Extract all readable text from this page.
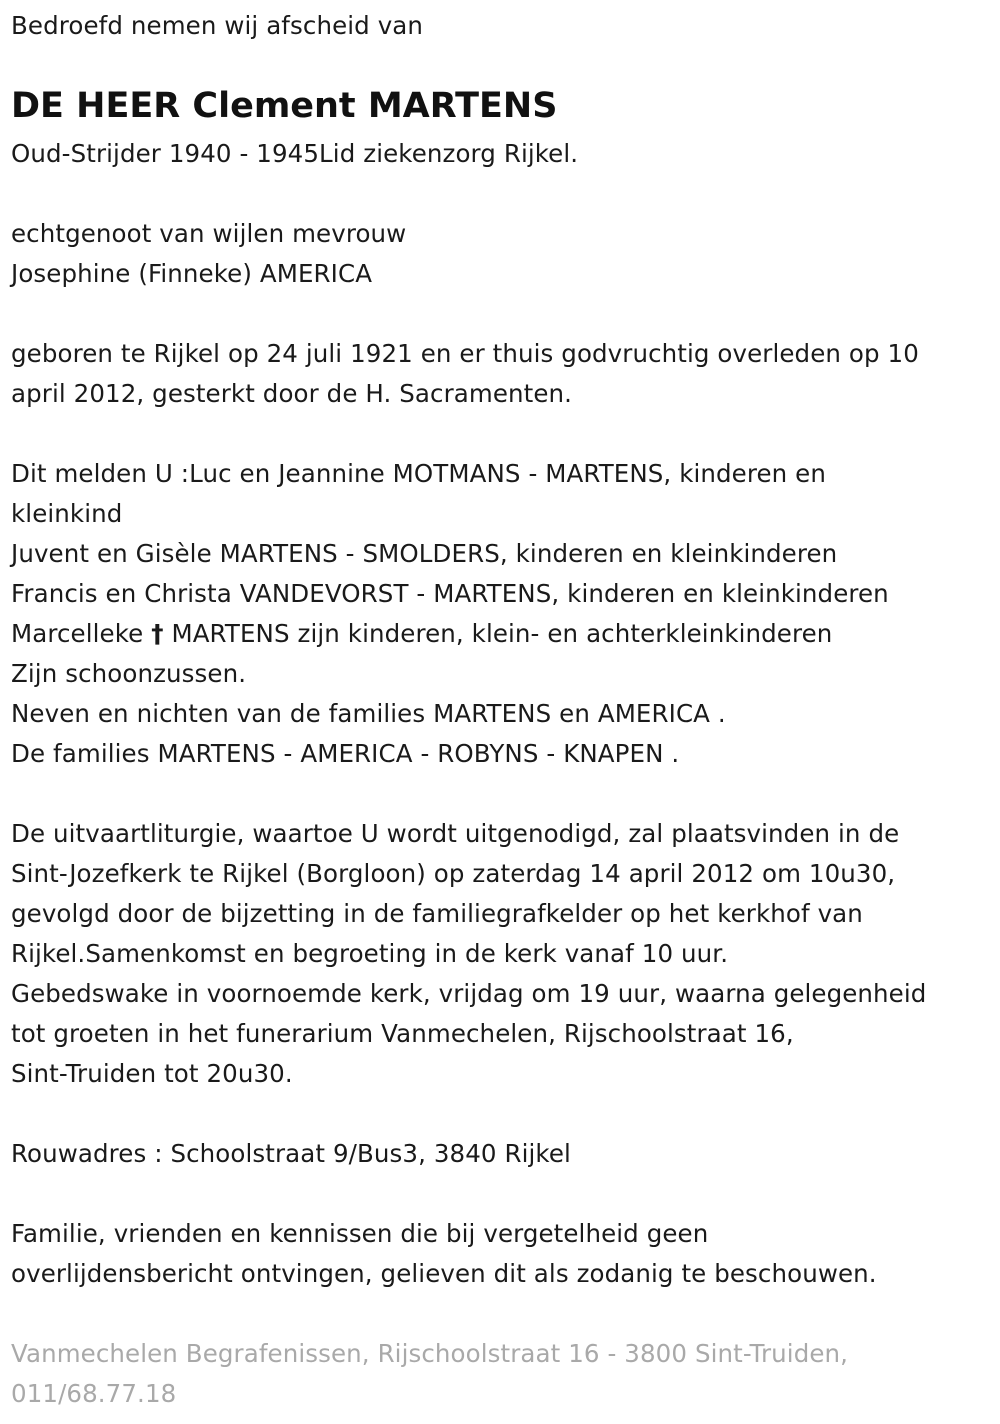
Bedroefd nemen wij afscheid van
DE HEER Clement MARTENS
Oud-Strijder 1940 - 1945Lid ziekenzorg Rijkel.
echtgenoot van wijlen mevrouw
Josephine (Finneke) AMERICA
geboren te Rijkel op 24 juli 1921 en er thuis godvruchtig overleden op 10
april 2012, gesterkt door de H. Sacramenten.
Dit melden U :Luc en Jeannine MOTMANS - MARTENS, kinderen en
kleinkind
Juvent en Gisèle MARTENS - SMOLDERS, kinderen en kleinkinderen
Francis en Christa VANDEVORST - MARTENS, kinderen en kleinkinderen
Marcelleke † MARTENS zijn kinderen, klein- en achterkleinkinderen
Zijn schoonzussen.
Neven en nichten van de families MARTENS en AMERICA .
De families MARTENS - AMERICA - ROBYNS - KNAPEN .
De uitvaartliturgie, waartoe U wordt uitgenodigd, zal plaatsvinden in de
Sint-Jozefkerk te Rijkel (Borgloon) op zaterdag 14 april 2012 om 10u30,
gevolgd door de bijzetting in de familiegrafkelder op het kerkhof van
Rijkel.Samenkomst en begroeting in de kerk vanaf 10 uur.
Gebedswake in voornoemde kerk, vrijdag om 19 uur, waarna gelegenheid
tot groeten in het funerarium Vanmechelen, Rijschoolstraat 16,
Sint-Truiden tot 20u30.
Rouwadres : Schoolstraat 9/Bus3, 3840 Rijkel
Familie, vrienden en kennissen die bij vergetelheid geen
overlijdensbericht ontvingen, gelieven dit als zodanig te beschouwen.
Vanmechelen Begrafenissen, Rijschoolstraat 16 - 3800 Sint-Truiden,
011/68.77.18
